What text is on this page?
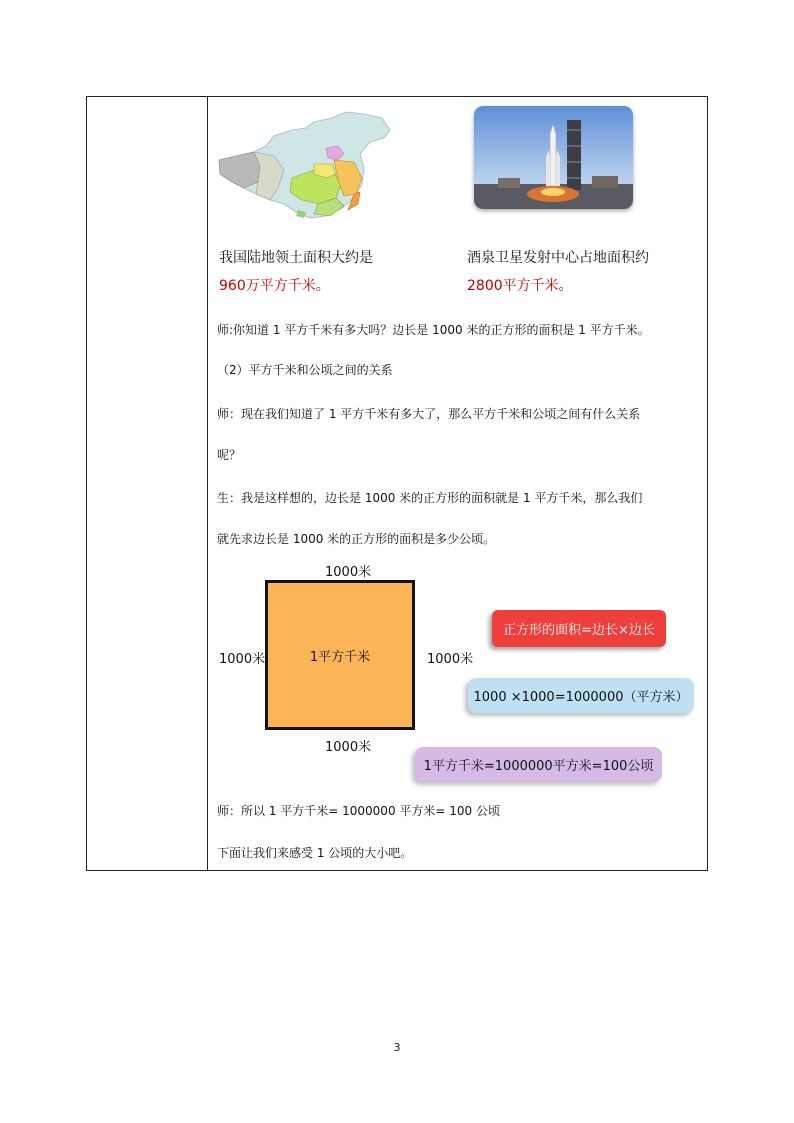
我国陆地领土面积大约是
960万平方千米。
酒泉卫星发射中心占地面积约
2800平方千米。
师:你知道 1 平方千米有多大吗？边长是 1000 米的正方形的面积是 1 平方千米。
（2）平方千米和公顷之间的关系
师：现在我们知道了 1 平方千米有多大了，那么平方千米和公顷之间有什么关系
呢？
生：我是这样想的，边长是 1000 米的正方形的面积就是 1 平方千米，那么我们
就先求边长是 1000 米的正方形的面积是多少公顷。
1000米
1000米	1000米
1000米
1平方千米
正方形的面积=边长×边长
1000 ×1000=1000000（平方米）
1平方千米=1000000平方米=100公顷
师：所以 1 平方千米= 1000000 平方米= 100 公顷
下面让我们来感受 1 公顷的大小吧。
3
